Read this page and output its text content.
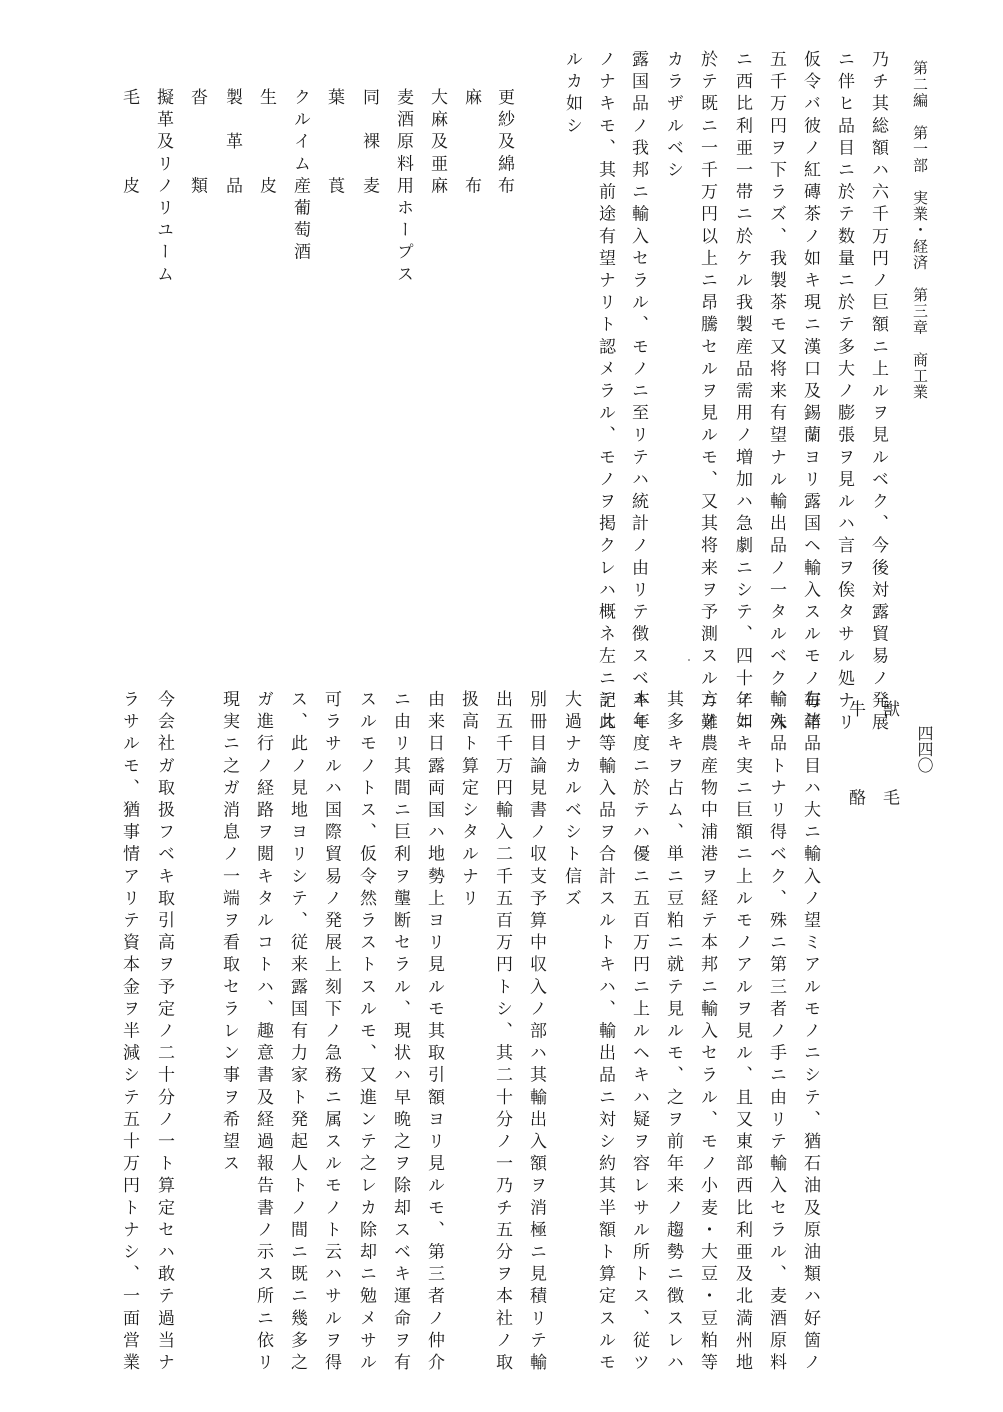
第二編　第一部　実業・経済　第三章　商工業
四四〇
乃チ其総額ハ六千万円ノ巨額ニ上ルヲ見ルベク、今後対露貿易ノ発展
ニ伴ヒ品目ニ於テ数量ニ於テ多大ノ膨張ヲ見ルハ言ヲ俟タサル処ナリ
仮令バ彼ノ紅磚茶ノ如キ現ニ漢口及錫蘭ヨリ露国ヘ輸入スルモノ毎年
五千万円ヲ下ラズ、我製茶モ又将来有望ナル輸出品ノ一タルベク、殊
ニ西比利亜一帯ニ於ケル我製産品需用ノ増加ハ急劇ニシテ、四十年ニ
於テ既ニ一千万円以上ニ昂騰セルヲ見ルモ、又其将来ヲ予測スルニ難
カラザルベシ
露国品ノ我邦ニ輸入セラル、モノニ至リテハ統計ノ由リテ徴スベキモ
ノナキモ、其前途有望ナリト認メラル、モノヲ掲クレハ概ネ左ニ記ス
ルカ如シ
更紗及綿布
麻　　　布
大麻及亜麻
麦酒原料用ホープス
同　裸　麦
葉　　　莨
クルイム産葡萄酒
生　　　皮
製　革　品
沓　　　類
擬革及リノリユーム
毛　　　皮
獣　　　毛
牛　　　酪
右諸品目ハ大ニ輸入ノ望ミアルモノニシテ、猶石油及原油類ハ好箇ノ
輸入品トナリ得ベク、殊ニ第三者ノ手ニ由リテ輸入セラル、麦酒原料
ノ如キ実ニ巨額ニ上ルモノアルヲ見ル、且又東部西比利亜及北満州地
方ノ農産物中浦港ヲ経テ本邦ニ輸入セラル、モノ小麦・大豆・豆粕等
其多キヲ占ム、単ニ豆粕ニ就テ見ルモ、之ヲ前年来ノ趨勢ニ徴スレハ
本年度ニ於テハ優ニ五百万円ニ上ルヘキハ疑ヲ容レサル所トス、従ツ
テ此等輸入品ヲ合計スルトキハ、輸出品ニ対シ約其半額ト算定スルモ
大過ナカルベシト信ズ
別冊目論見書ノ収支予算中収入ノ部ハ其輸出入額ヲ消極ニ見積リテ輸
出五千万円輸入二千五百万円トシ、其二十分ノ一乃チ五分ヲ本社ノ取
扱高ト算定シタルナリ
由来日露両国ハ地勢上ヨリ見ルモ其取引額ヨリ見ルモ、第三者ノ仲介
ニ由リ其間ニ巨利ヲ壟断セラル、現状ハ早晩之ヲ除却スベキ運命ヲ有
スルモノトス、仮令然ラストスルモ、又進ンテ之レカ除却ニ勉メサル
可ラサルハ国際貿易ノ発展上刻下ノ急務ニ属スルモノト云ハサルヲ得
ス、此ノ見地ヨリシテ、従来露国有力家ト発起人トノ間ニ既ニ幾多之
ガ進行ノ経路ヲ閲キタルコトハ、趣意書及経過報告書ノ示ス所ニ依リ
現実ニ之ガ消息ノ一端ヲ看取セラレン事ヲ希望ス
今会社ガ取扱フベキ取引高ヲ予定ノ二十分ノ一ト算定セハ敢テ過当ナ
ラサルモ、猶事情アリテ資本金ヲ半減シテ五十万円トナシ、一面営業
